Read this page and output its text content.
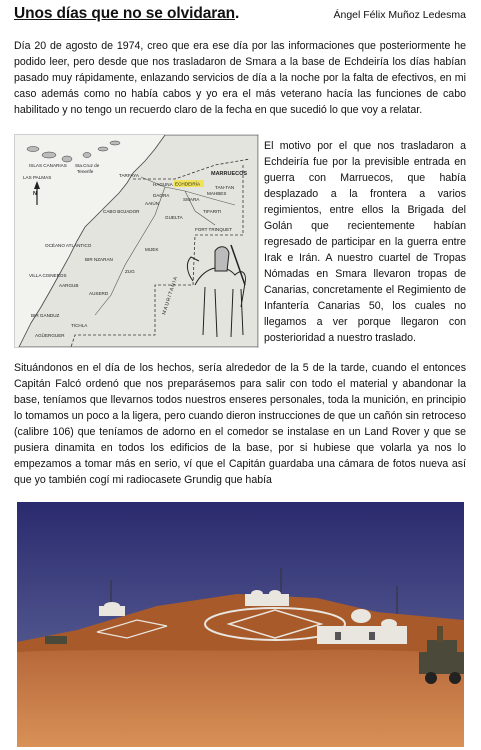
Unos días que no se olvidaran.	Ángel Félix Muñoz Ledesma

Día 20 de agosto de 1974, creo que era ese día por las informaciones que posteriormente he podido leer, pero desde que nos trasladaron de Smara a la base de Echdeiría los días habían pasado muy rápidamente, enlazando servicios de día a la noche por la falta de efectivos, en mi caso además como no había cabos y yo era el más veterano hacía las funciones de cabo habilitado y no tengo un recuerdo claro de la fecha en que sucedió lo que voy a relatar.

ISLAS CANARIAS Sta.Cruz de
Tenerife
LAS PALMAS
MARRUECOS
TARFAYA
TAN-TAN
HAGUNA ECHDEIRÍA
MAHBES
SMARA
DAORA
AAIÚN
TIFARITI
GUELTA
FORT TRINQUET
CABO BOJADOR
VILLA CISNEROS
BIR NZARAN
AARGUB
AUSERD
BIR GANDUZ
TICHLA
MIJEK
AGÜERGUER
ZUG
OCÉANO ATLÁNTICO
N
MAURITANIA

El motivo por el que nos trasladaron a Echdeiría fue por la previsible entrada en guerra con Marruecos, que había desplazado a la frontera a varios regimientos, entre ellos la Brigada del Golán que recientemente habían regresado de participar en la guerra entre Irak e Irán. A nuestro cuartel de Tropas Nómadas en Smara llevaron tropas de Canarias, concretamente el Regimiento de Infantería Canarias 50, los cuales no llegamos a ver porque llegaron con posterioridad a nuestro traslado.

Situándonos en el día de los hechos, sería alrededor de la 5 de la tarde, cuando el entonces Capitán Falcó ordenó que nos preparásemos para salir con todo el material y abandonar la base, teníamos que llevarnos todos nuestros enseres personales, toda la munición, en principio lo tomamos un poco a la ligera, pero cuando dieron instrucciones de que un cañón sin retroceso (calibre 106) que teníamos de adorno en el comedor se instalase en un Land Rover y que se pusiera dinamita en todos los edificios de la base, por si hubiese que volarla ya nos lo empezamos a tomar más en serio, ví que el Capitán guardaba una cámara de fotos nueva así que yo también cogí mi radiocasete Grundig que había
